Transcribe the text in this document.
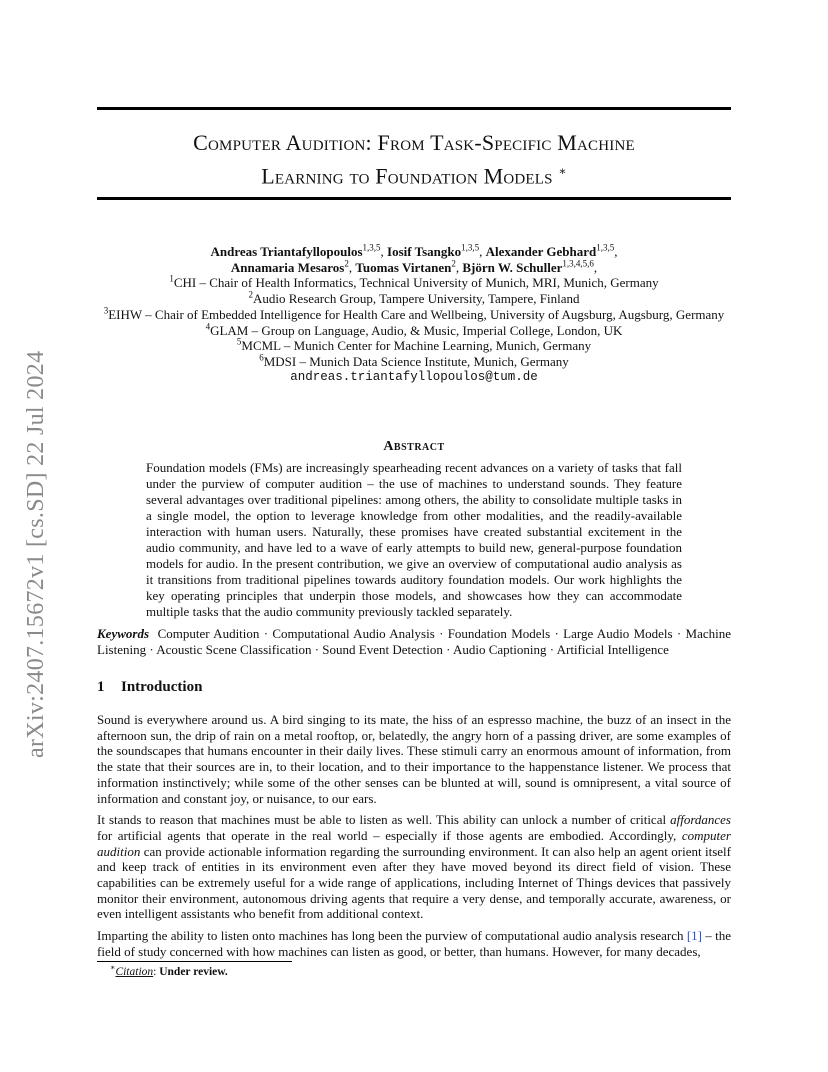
arXiv:2407.15672v1 [cs.SD] 22 Jul 2024
Computer Audition: From Task-Specific Machine
Learning to Foundation Models ∗
Andreas Triantafyllopoulos$^{1,3,5}$, Iosif Tsangko$^{1,3,5}$, Alexander Gebhard$^{1,3,5}$,
Annamaria Mesaros$^2$, Tuomas Virtanen$^2$, Björn W. Schuller$^{1,3,4,5,6}$,
$^1$CHI – Chair of Health Informatics, Technical University of Munich, MRI, Munich, Germany
$^2$Audio Research Group, Tampere University, Tampere, Finland
$^3$EIHW – Chair of Embedded Intelligence for Health Care and Wellbeing, University of Augsburg, Augsburg, Germany
$^4$GLAM – Group on Language, Audio, & Music, Imperial College, London, UK
$^5$MCML – Munich Center for Machine Learning, Munich, Germany
$^6$MDSI – Munich Data Science Institute, Munich, Germany
andreas.triantafyllopoulos@tum.de
Abstract
Foundation models (FMs) are increasingly spearheading recent advances on a variety of tasks that fall under the purview of computer audition – the use of machines to understand sounds. They feature several advantages over traditional pipelines: among others, the ability to consolidate multiple tasks in a single model, the option to leverage knowledge from other modalities, and the readily-available interaction with human users. Naturally, these promises have created substantial excitement in the audio community, and have led to a wave of early attempts to build new, general-purpose foundation models for audio. In the present contribution, we give an overview of computational audio analysis as it transitions from traditional pipelines towards auditory foundation models. Our work highlights the key operating principles that underpin those models, and showcases how they can accommodate multiple tasks that the audio community previously tackled separately.
Keywords Computer Audition · Computational Audio Analysis · Foundation Models · Large Audio Models · Machine Listening · Acoustic Scene Classification · Sound Event Detection · Audio Captioning · Artificial Intelligence
1 Introduction

Sound is everywhere around us. A bird singing to its mate, the hiss of an espresso machine, the buzz of an insect in the afternoon sun, the drip of rain on a metal rooftop, or, belatedly, the angry horn of a passing driver, are some examples of the soundscapes that humans encounter in their daily lives. These stimuli carry an enormous amount of information, from the state that their sources are in, to their location, and to their importance to the happenstance listener. We process that information instinctively; while some of the other senses can be blunted at will, sound is omnipresent, a vital source of information and constant joy, or nuisance, to our ears.

It stands to reason that machines must be able to listen as well. This ability can unlock a number of critical affordances for artificial agents that operate in the real world – especially if those agents are embodied. Accordingly, computer audition can provide actionable information regarding the surrounding environment. It can also help an agent orient itself and keep track of entities in its environment even after they have moved beyond its direct field of vision. These capabilities can be extremely useful for a wide range of applications, including Internet of Things devices that passively monitor their environment, autonomous driving agents that require a very dense, and temporally accurate, awareness, or even intelligent assistants who benefit from additional context.

Imparting the ability to listen onto machines has long been the purview of computational audio analysis research [1] – the field of study concerned with how machines can listen as good, or better, than humans. However, for many decades,

∗Citation: Under review.
